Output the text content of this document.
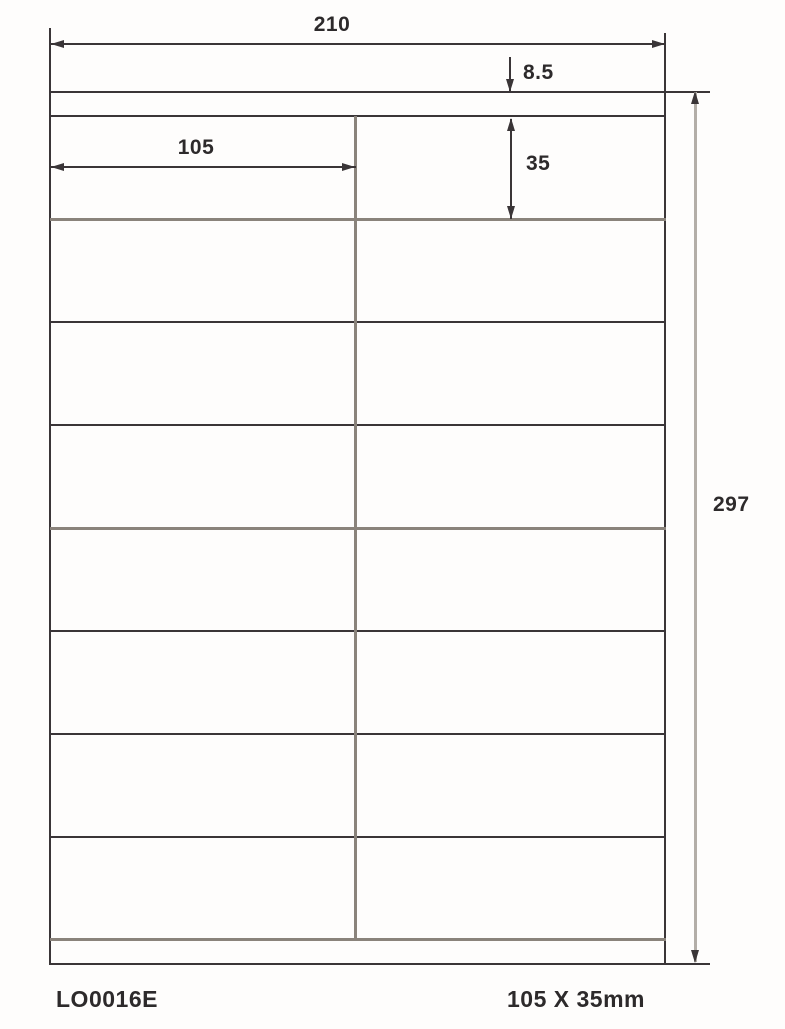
210
8.5
105
35
297
LO0016E	105 X 35mm
